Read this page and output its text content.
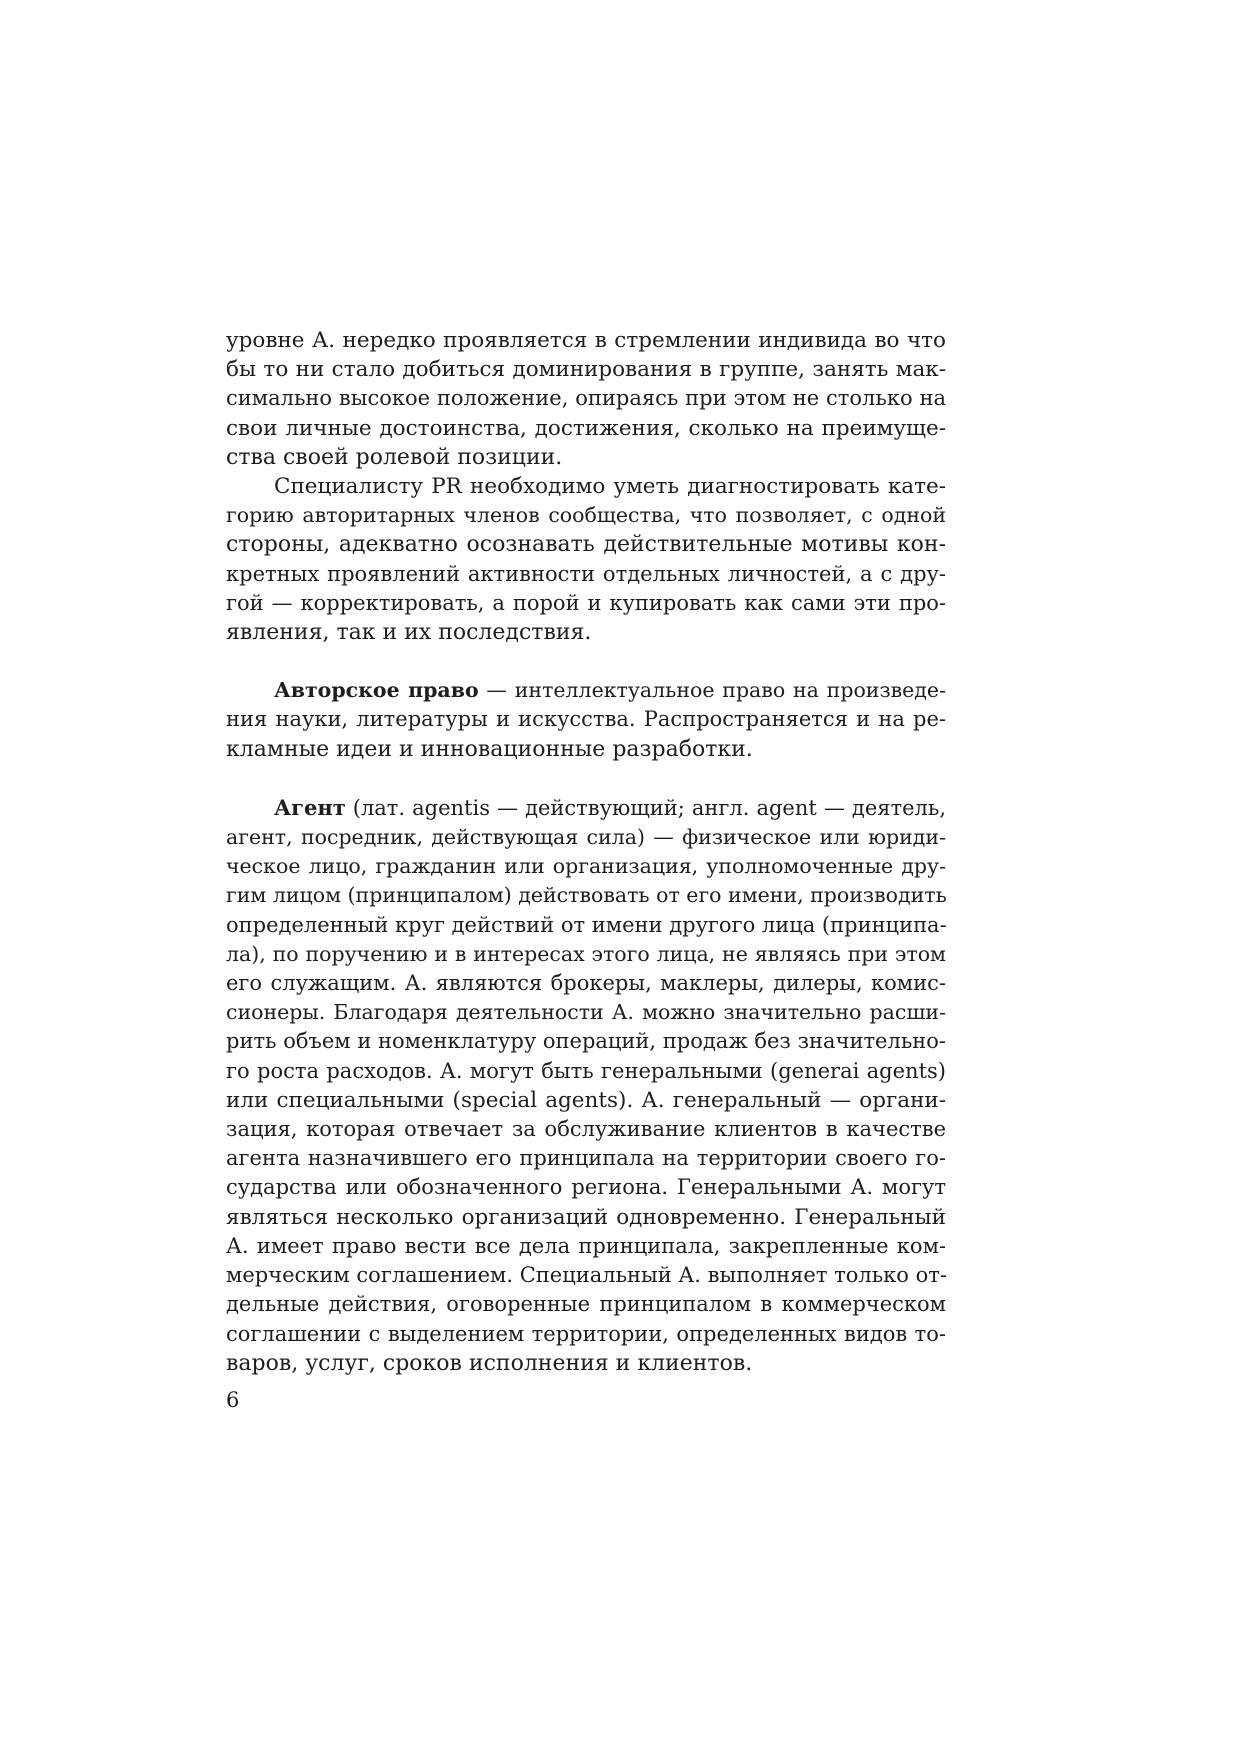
уровне А. нередко проявляется в стремлении индивида во что
бы то ни стало добиться доминирования в группе, занять мак-
симально высокое положение, опираясь при этом не столько на
свои личные достоинства, достижения, сколько на преимуще-
ства своей ролевой позиции.
Специалисту PR необходимо уметь диагностировать кате-
горию авторитарных членов сообщества, что позволяет, с одной
стороны, адекватно осознавать действительные мотивы кон-
кретных проявлений активности отдельных личностей, а с дру-
гой — корректировать, а порой и купировать как сами эти про-
явления, так и их последствия.
Авторское право — интеллектуальное право на произведе-
ния науки, литературы и искусства. Распространяется и на ре-
кламные идеи и инновационные разработки.
Агент (лат. agentis — действующий; англ. agent — деятель,
агент, посредник, действующая сила) — физическое или юриди-
ческое лицо, гражданин или организация, уполномоченные дру-
гим лицом (принципалом) действовать от его имени, производить
определенный круг действий от имени другого лица (принципа-
ла), по поручению и в интересах этого лица, не являясь при этом
его служащим. А. являются брокеры, маклеры, дилеры, комис-
сионеры. Благодаря деятельности А. можно значительно расши-
рить объем и номенклатуру операций, продаж без значительно-
го роста расходов. А. могут быть генеральными (generai agents)
или специальными (special agents). А. генеральный — органи-
зация, которая отвечает за обслуживание клиентов в качестве
агента назначившего его принципала на территории своего го-
сударства или обозначенного региона. Генеральными А. могут
являться несколько организаций одновременно. Генеральный
А. имеет право вести все дела принципала, закрепленные ком-
мерческим соглашением. Специальный А. выполняет только от-
дельные действия, оговоренные принципалом в коммерческом
соглашении с выделением территории, определенных видов то-
варов, услуг, сроков исполнения и клиентов.
6
